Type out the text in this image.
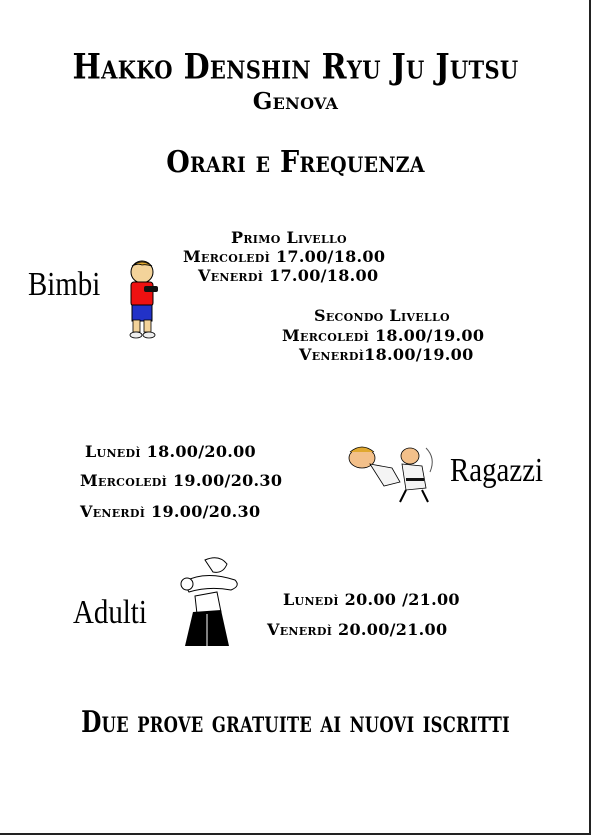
Hakko Denshin Ryu Ju Jutsu
Genova
Orari e Frequenza
Primo Livello
Mercoledì 17.00/18.00
Venerdì 17.00/18.00
Bimbi
Secondo Livello
Mercoledì 18.00/19.00
Venerdì18.00/19.00
Lunedì 18.00/20.00
Mercoledì 19.00/20.30
Venerdì 19.00/20.30
Ragazzi
Adulti	Lunedì 20.00 /21.00
Venerdì 20.00/21.00
Due prove gratuite ai nuovi iscritti
